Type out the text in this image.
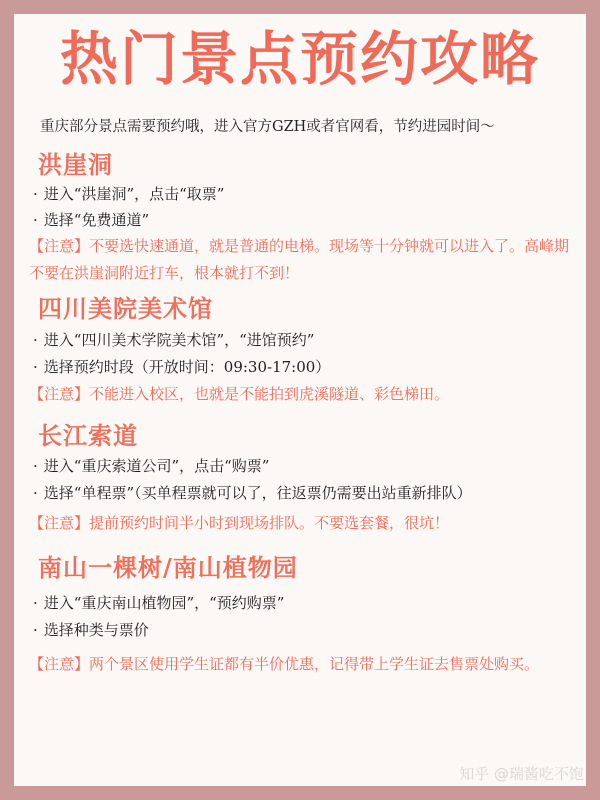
热门景点预约攻略
重庆部分景点需要预约哦，进入官方GZH或者官网看，节约进园时间～
洪崖洞
· 进入“洪崖洞”，点击“取票”
· 选择“免费通道”
【注意】不要选快速通道，就是普通的电梯。现场等十分钟就可以进入了。高峰期不要在洪崖洞附近打车，根本就打不到！
四川美院美术馆
· 进入“四川美术学院美术馆”，“进馆预约”
· 选择预约时段（开放时间：09:30-17:00）
【注意】不能进入校区，也就是不能拍到虎溪隧道、彩色梯田。
长江索道
· 进入“重庆索道公司”，点击“购票”
· 选择“单程票”（买单程票就可以了，往返票仍需要出站重新排队）
【注意】提前预约时间半小时到现场排队。不要选套餐，很坑！
南山一棵树/南山植物园
· 进入“重庆南山植物园”，“预约购票”
· 选择种类与票价
【注意】两个景区使用学生证都有半价优惠，记得带上学生证去售票处购买。
知乎 @瑞酱吃不饱
